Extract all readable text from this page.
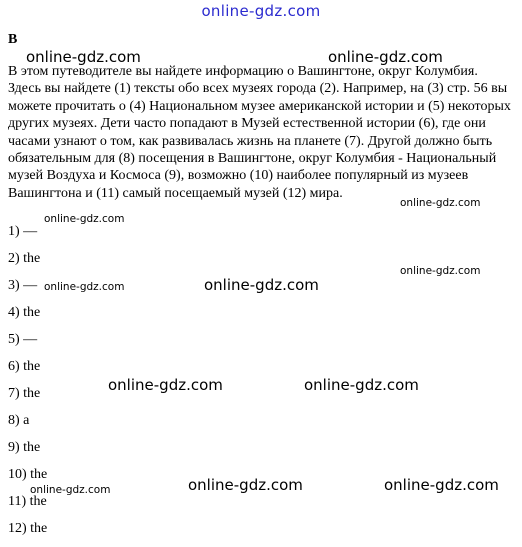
online-gdz.com
B

В этом путеводителе вы найдете информацию о Вашингтоне, округ Колумбия. Здесь вы найдете (1) тексты обо всех музеях города (2). Например, на (3) стр. 56 вы можете прочитать о (4) Национальном музее американской истории и (5) некоторых других музеях. Дети часто попадают в Музей естественной истории (6), где они часами узнают о том, как развивалась жизнь на планете (7). Другой должно быть обязательным для (8) посещения в Вашингтоне, округ Колумбия - Национальный музей Воздуха и Космоса (9), возможно (10) наиболее популярный из музеев Вашингтона и (11) самый посещаемый музей (12) мира.

1) —
2) the
3) —
4) the
5) —
6) the
7) the
8) a
9) the
10) the
11) the
12) the
online-gdz.com	online-gdz.com
online-gdz.com
online-gdz.com
online-gdz.com
online-gdz.com
online-gdz.com
online-gdz.com	online-gdz.com
online-gdz.com	online-gdz.com
online-gdz.com
